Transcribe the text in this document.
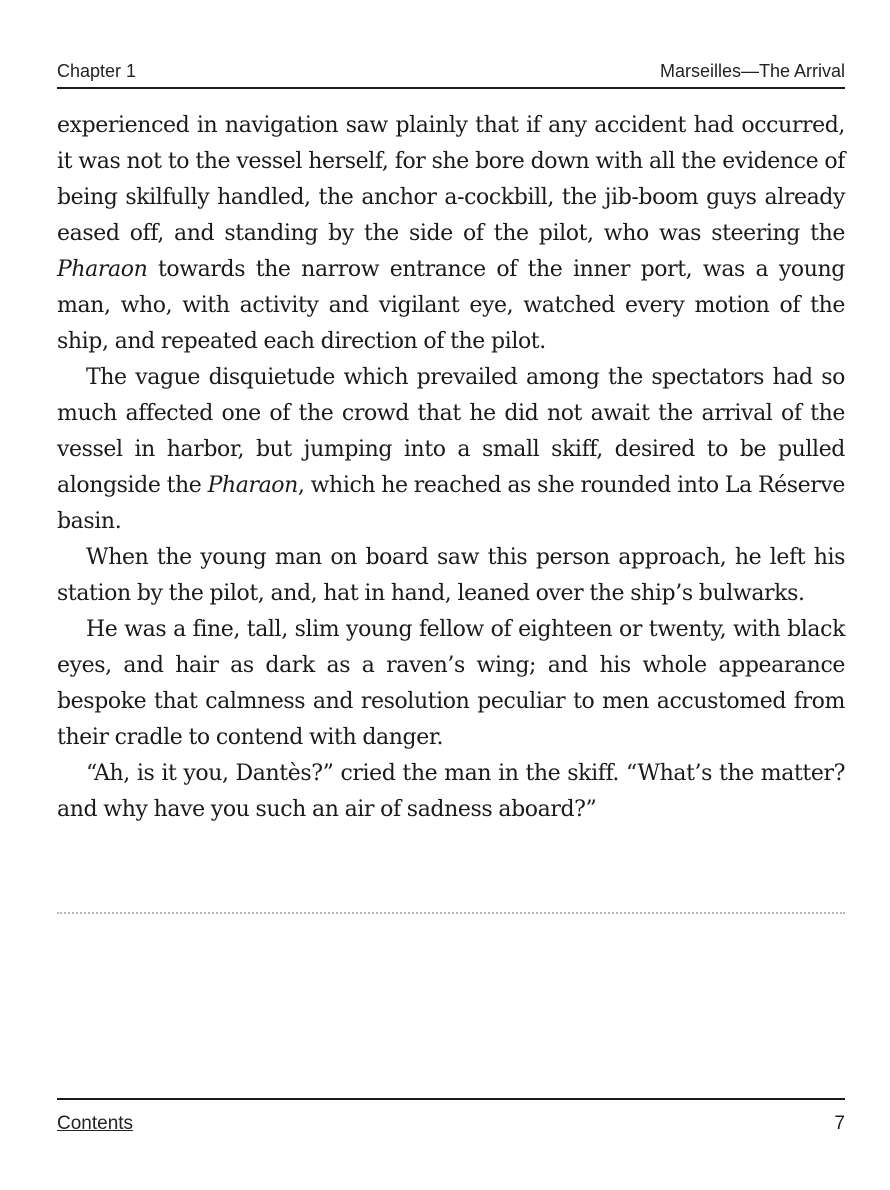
Chapter 1	Marseilles—The Arrival

experienced in navigation saw plainly that if any accident had occurred, it was not to the vessel herself, for she bore down with all the evidence of being skilfully handled, the anchor a-cockbill, the jib-boom guys already eased off, and standing by the side of the pilot, who was steering the Pharaon towards the narrow entrance of the inner port, was a young man, who, with activity and vigilant eye, watched every motion of the ship, and repeated each direction of the pilot.

The vague disquietude which prevailed among the spectators had so much affected one of the crowd that he did not await the arrival of the vessel in harbor, but jumping into a small skiff, desired to be pulled alongside the Pharaon, which he reached as she rounded into La Réserve basin.

When the young man on board saw this person approach, he left his station by the pilot, and, hat in hand, leaned over the ship’s bulwarks.

He was a fine, tall, slim young fellow of eighteen or twenty, with black eyes, and hair as dark as a raven’s wing; and his whole appearance bespoke that calmness and resolution peculiar to men accustomed from their cradle to contend with danger.

“Ah, is it you, Dantès?” cried the man in the skiff. “What’s the matter? and why have you such an air of sadness aboard?”

Contents	7
